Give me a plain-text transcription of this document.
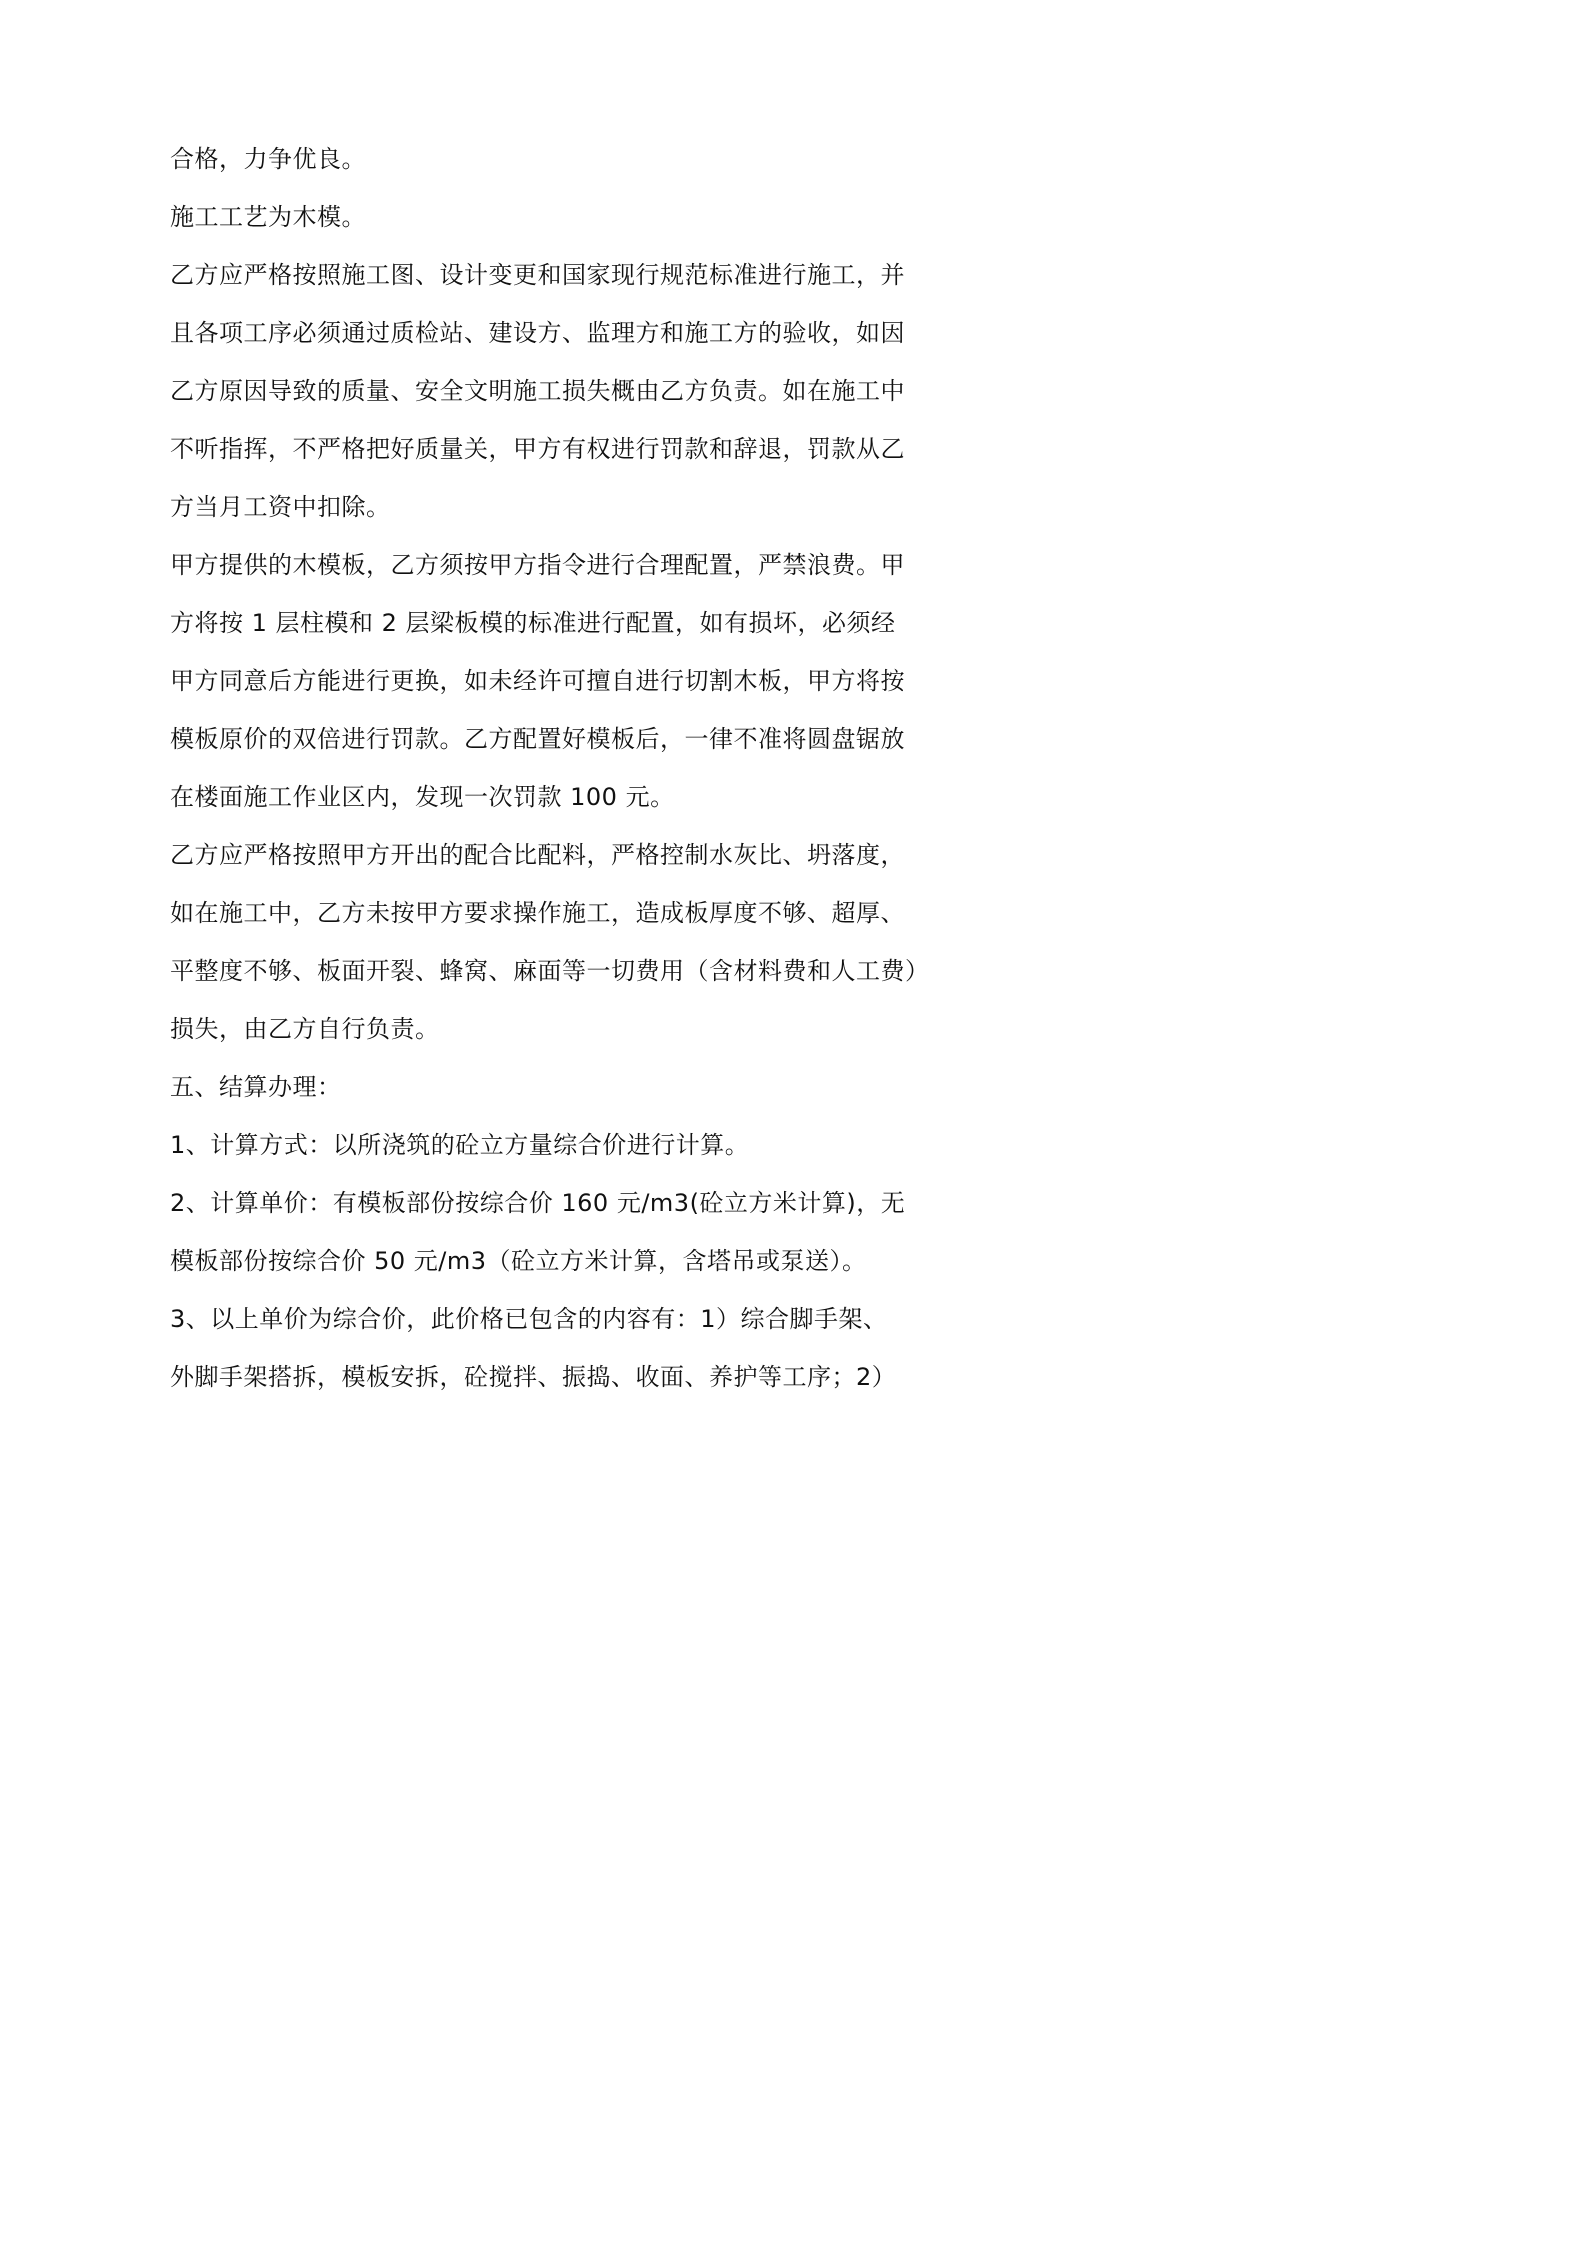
合格，力争优良。
施工工艺为木模。
乙方应严格按照施工图、设计变更和国家现行规范标准进行施工，并
且各项工序必须通过质检站、建设方、监理方和施工方的验收，如因
乙方原因导致的质量、安全文明施工损失概由乙方负责。如在施工中
不听指挥，不严格把好质量关，甲方有权进行罚款和辞退，罚款从乙
方当月工资中扣除。
甲方提供的木模板，乙方须按甲方指令进行合理配置，严禁浪费。甲
方将按 1 层柱模和 2 层梁板模的标准进行配置，如有损坏，必须经
甲方同意后方能进行更换，如未经许可擅自进行切割木板，甲方将按
模板原价的双倍进行罚款。乙方配置好模板后，一律不准将圆盘锯放
在楼面施工作业区内，发现一次罚款 100 元。
乙方应严格按照甲方开出的配合比配料，严格控制水灰比、坍落度，
如在施工中，乙方未按甲方要求操作施工，造成板厚度不够、超厚、
平整度不够、板面开裂、蜂窝、麻面等一切费用（含材料费和人工费）
损失，由乙方自行负责。
五、结算办理：
1、计算方式：以所浇筑的砼立方量综合价进行计算。
2、计算单价：有模板部份按综合价 160 元/m3(砼立方米计算)，无
模板部份按综合价 50 元/m3（砼立方米计算，含塔吊或泵送）。
3、以上单价为综合价，此价格已包含的内容有：1）综合脚手架、
外脚手架搭拆，模板安拆，砼搅拌、振捣、收面、养护等工序；2）
